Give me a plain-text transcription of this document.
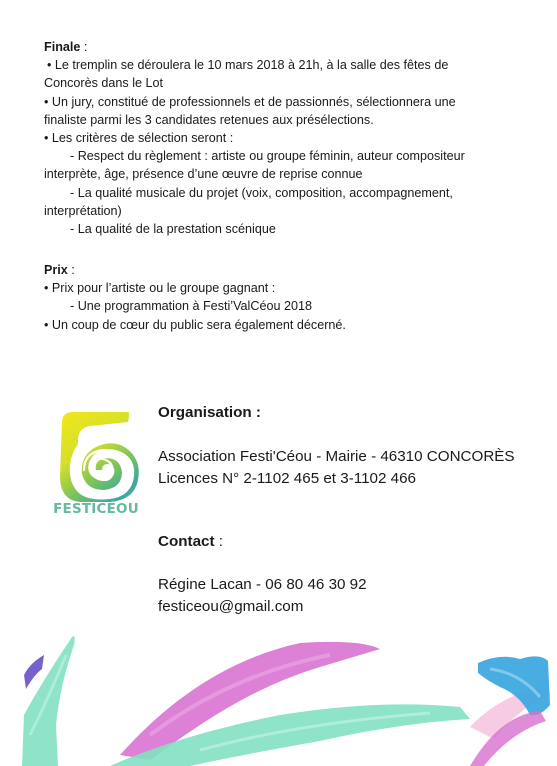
Finale :
• Le tremplin se déroulera le 10 mars 2018 à 21h, à la salle des fêtes de
Concorès dans le Lot
• Un jury, constitué de professionnels et de passionnés, sélectionnera une
finaliste parmi les 3 candidates retenues aux présélections.
• Les critères de sélection seront :
- Respect du règlement : artiste ou groupe féminin, auteur compositeur
interprète, âge, présence d’une œuvre de reprise connue
- La qualité musicale du projet (voix, composition, accompagnement,
interprétation)
- La qualité de la prestation scénique
Prix :
• Prix pour l’artiste ou le groupe gagnant :
- Une programmation à Festi’ValCéou 2018
• Un coup de cœur du public sera également décerné.
FESTICÉOU
Organisation :
Association Festi'Céou - Mairie - 46310 CONCORÈS
Licences N° 2-1102 465 et 3-1102 466
Contact :
Régine Lacan - 06 80 46 30 92
festiceou@gmail.com
